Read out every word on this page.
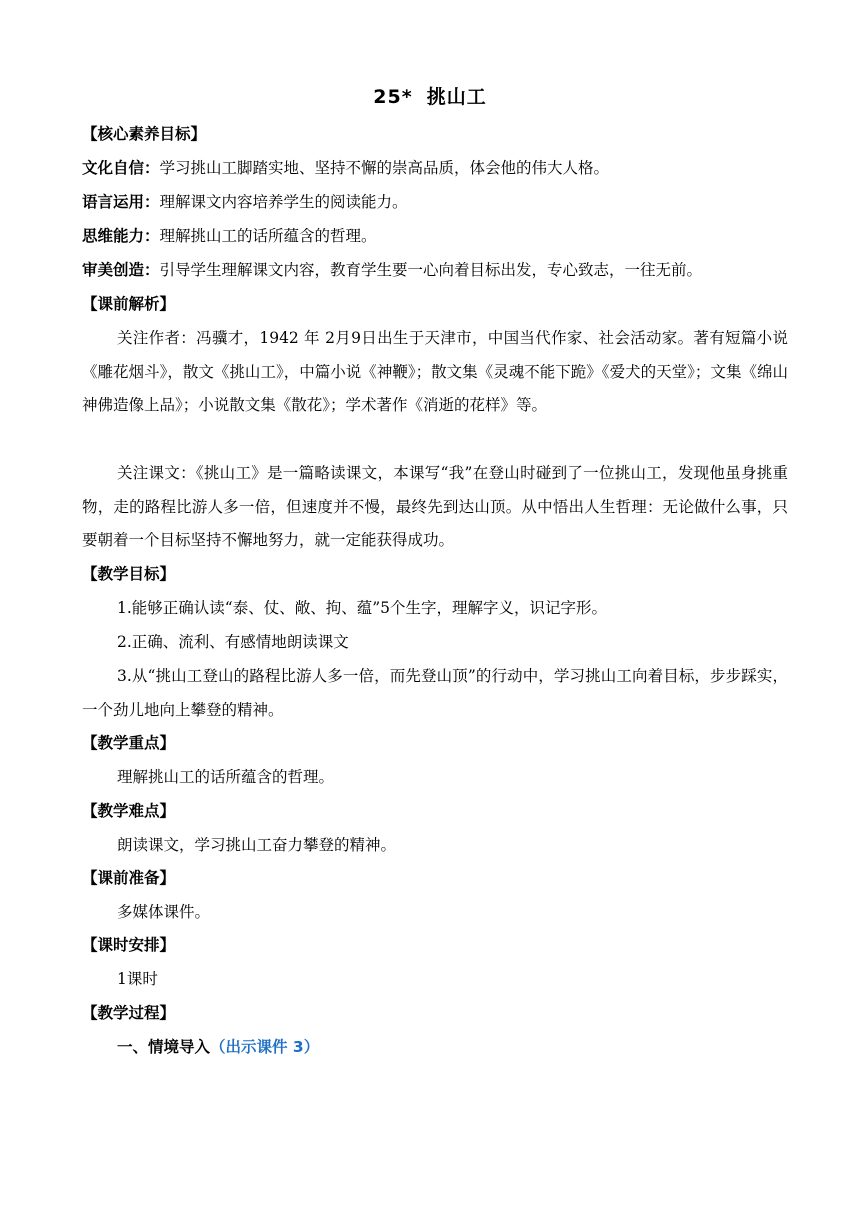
25* 挑山工
【核心素养目标】
文化自信：学习挑山工脚踏实地、坚持不懈的崇高品质，体会他的伟大人格。
语言运用：理解课文内容培养学生的阅读能力。
思维能力：理解挑山工的话所蕴含的哲理。
审美创造：引导学生理解课文内容，教育学生要一心向着目标出发，专心致志，一往无前。
【课前解析】
关注作者：冯骥才，1942 年 2月9日出生于天津市，中国当代作家、社会活动家。著有短篇小说《雕花烟斗》，散文《挑山工》，中篇小说《神鞭》；散文集《灵魂不能下跪》《爱犬的天堂》；文集《绵山神佛造像上品》；小说散文集《散花》；学术著作《消逝的花样》等。
关注课文：《挑山工》是一篇略读课文，本课写“我”在登山时碰到了一位挑山工，发现他虽身挑重物，走的路程比游人多一倍，但速度并不慢，最终先到达山顶。从中悟出人生哲理：无论做什么事，只要朝着一个目标坚持不懈地努力，就一定能获得成功。
【教学目标】
1.能够正确认读“泰、仗、敞、拘、蕴”5个生字，理解字义，识记字形。
2.正确、流利、有感情地朗读课文
3.从“挑山工登山的路程比游人多一倍，而先登山顶”的行动中，学习挑山工向着目标，步步踩实，一个劲儿地向上攀登的精神。
【教学重点】
理解挑山工的话所蕴含的哲理。
【教学难点】
朗读课文，学习挑山工奋力攀登的精神。
【课前准备】
多媒体课件。
【课时安排】
1课时
【教学过程】
一、情境导入（出示课件 3）
